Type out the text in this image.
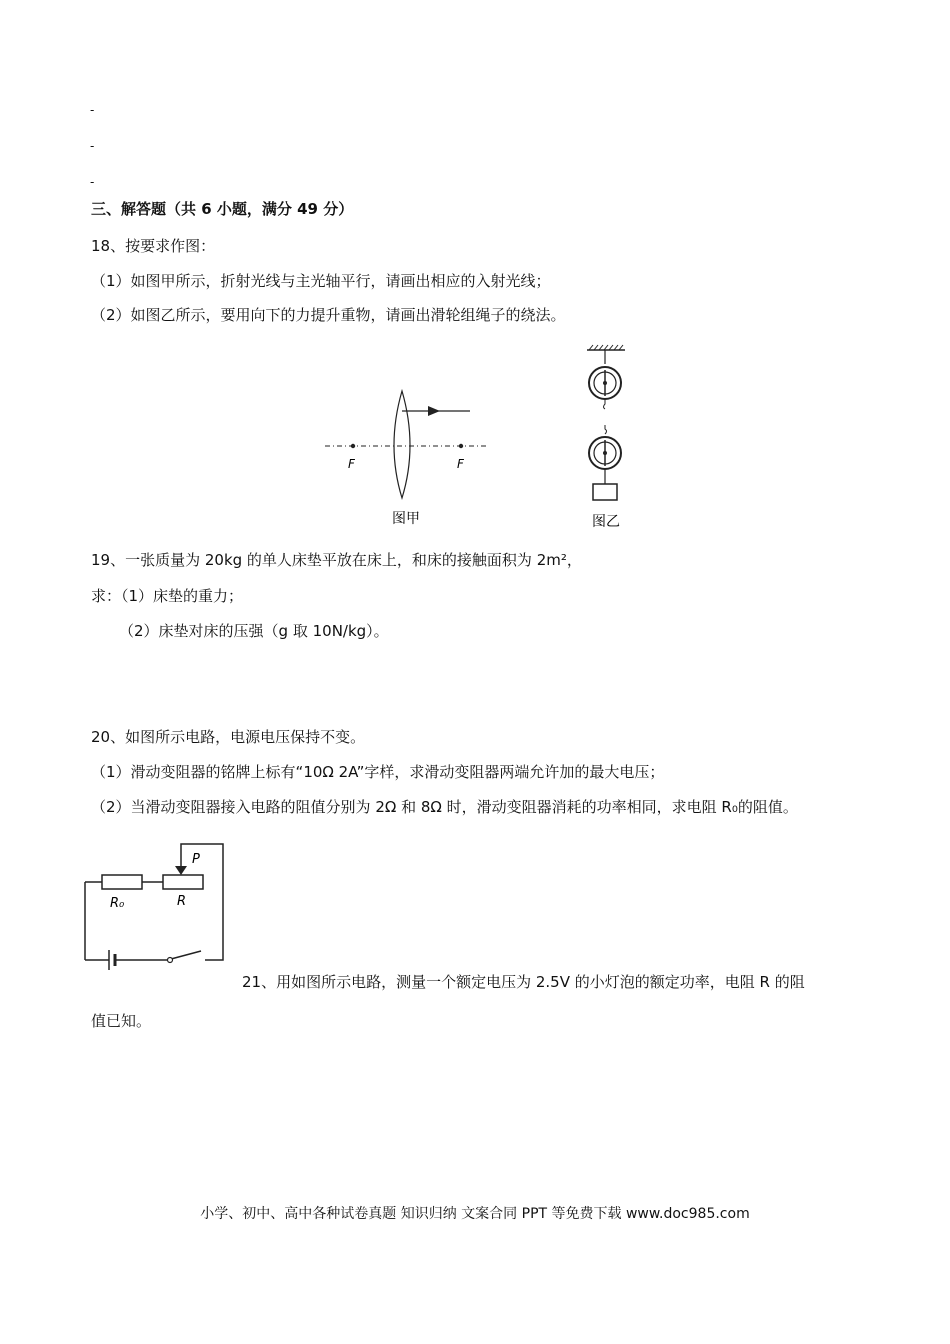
-
-
-
三、解答题（共 6 小题，满分 49 分）
18、按要求作图：
（1）如图甲所示，折射光线与主光轴平行，请画出相应的入射光线；
（2）如图乙所示，要用向下的力提升重物，请画出滑轮组绳子的绕法。
F	F
图甲	图乙
19、一张质量为 20kg 的单人床垫平放在床上，和床的接触面积为 2m²，
求：（1）床垫的重力；
（2）床垫对床的压强（g 取 10N/kg）。
20、如图所示电路，电源电压保持不变。
（1）滑动变阻器的铭牌上标有“10Ω 2A”字样，求滑动变阻器两端允许加的最大电压；
（2）当滑动变阻器接入电路的阻值分别为 2Ω 和 8Ω 时，滑动变阻器消耗的功率相同，求电阻 R₀的阻值。
P
R₀	R
21、用如图所示电路，测量一个额定电压为 2.5V 的小灯泡的额定功率，电阻 R 的阻
值已知。
小学、初中、高中各种试卷真题 知识归纳 文案合同 PPT 等免费下载 www.doc985.com
